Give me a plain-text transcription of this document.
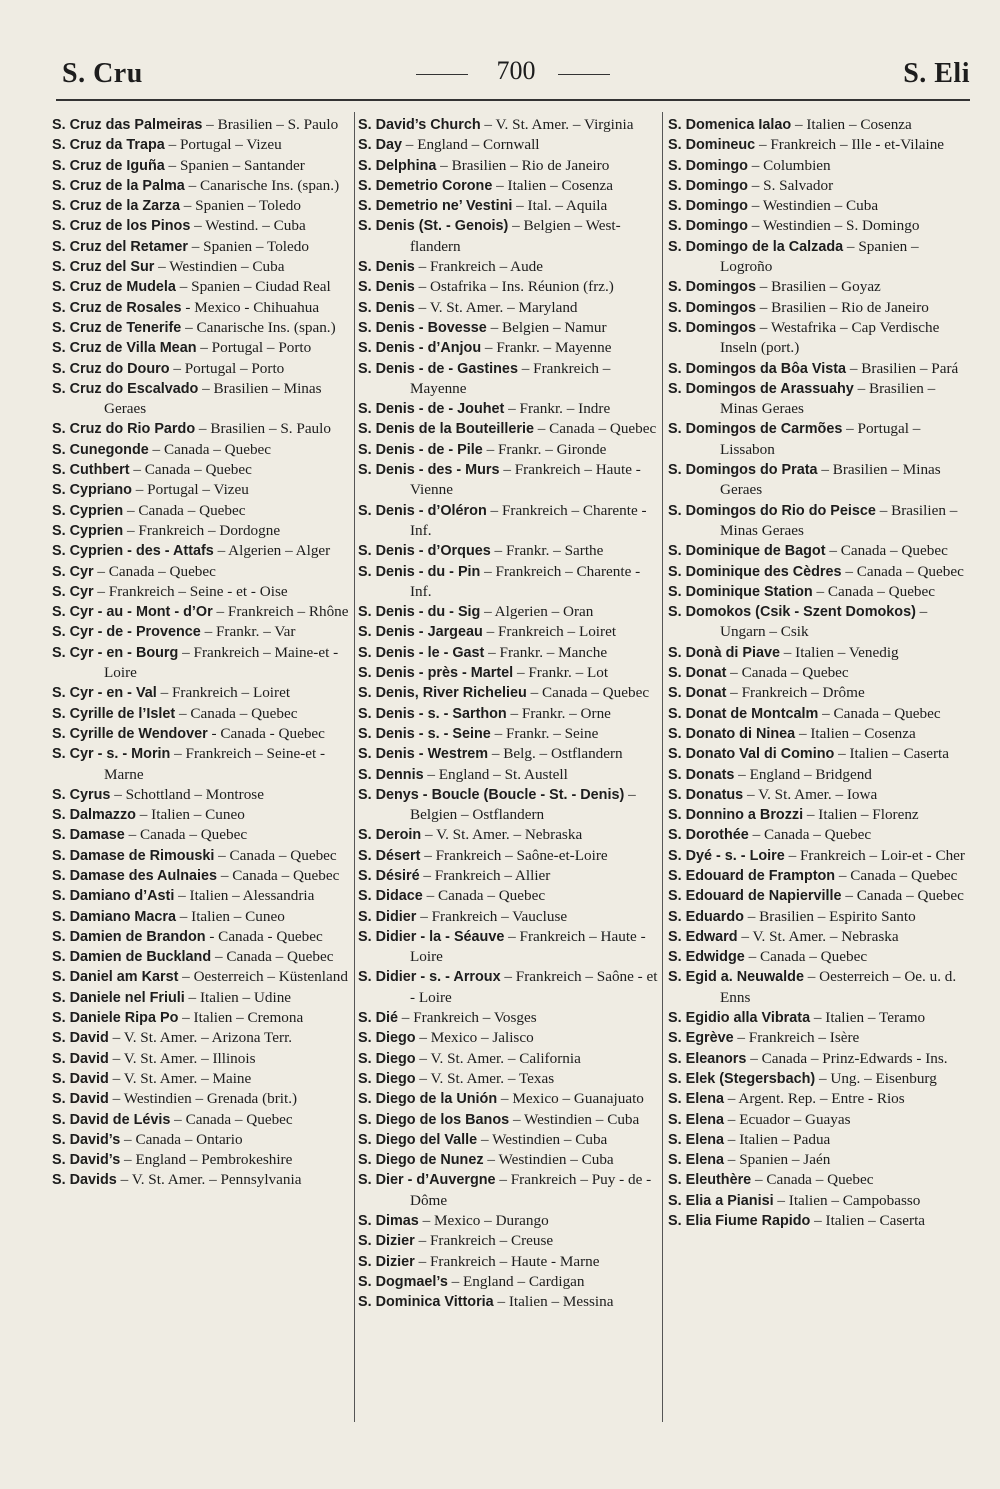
S. Cru	700	S. Eli
S. Cruz das Palmeiras – Brasilien – S. Paulo
S. Cruz da Trapa – Portugal – Vizeu
S. Cruz de Iguña – Spanien – Santander
S. Cruz de la Palma – Canarische Ins. (span.)
S. Cruz de la Zarza – Spanien – Toledo
S. Cruz de los Pinos – Westind. – Cuba
S. Cruz del Retamer – Spanien – Toledo
S. Cruz del Sur – Westindien – Cuba
S. Cruz de Mudela – Spanien – Ciudad Real
S. Cruz de Rosales - Mexico - Chihuahua
S. Cruz de Tenerife – Canarische Ins. (span.)
S. Cruz de Villa Mean – Portugal – Porto
S. Cruz do Douro – Portugal – Porto
S. Cruz do Escalvado – Brasilien – Minas Geraes
S. Cruz do Rio Pardo – Brasilien – S. Paulo
S. Cunegonde – Canada – Quebec
S. Cuthbert – Canada – Quebec
S. Cypriano – Portugal – Vizeu
S. Cyprien – Canada – Quebec
S. Cyprien – Frankreich – Dordogne
S. Cyprien - des - Attafs – Algerien – Alger
S. Cyr – Canada – Quebec
S. Cyr – Frankreich – Seine - et - Oise
S. Cyr - au - Mont - d’Or – Frankreich – Rhône
S. Cyr - de - Provence – Frankr. – Var
S. Cyr - en - Bourg – Frankreich – Maine-et - Loire
S. Cyr - en - Val – Frankreich – Loiret
S. Cyrille de l’Islet – Canada – Quebec
S. Cyrille de Wendover - Canada - Quebec
S. Cyr - s. - Morin – Frankreich – Seine-et - Marne
S. Cyrus – Schottland – Montrose
S. Dalmazzo – Italien – Cuneo
S. Damase – Canada – Quebec
S. Damase de Rimouski – Canada – Quebec
S. Damase des Aulnaies – Canada – Quebec
S. Damiano d’Asti – Italien – Alessandria
S. Damiano Macra – Italien – Cuneo
S. Damien de Brandon - Canada - Quebec
S. Damien de Buckland – Canada – Quebec
S. Daniel am Karst – Oesterreich – Küstenland
S. Daniele nel Friuli – Italien – Udine
S. Daniele Ripa Po – Italien – Cremona
S. David – V. St. Amer. – Arizona Terr.
S. David – V. St. Amer. – Illinois
S. David – V. St. Amer. – Maine
S. David – Westindien – Grenada (brit.)
S. David de Lévis – Canada – Quebec
S. David’s – Canada – Ontario
S. David’s – England – Pembrokeshire
S. Davids – V. St. Amer. – Pennsylvania
S. David’s Church – V. St. Amer. – Virginia
S. Day – England – Cornwall
S. Delphina – Brasilien – Rio de Janeiro
S. Demetrio Corone – Italien – Cosenza
S. Demetrio ne’ Vestini – Ital. – Aquila
S. Denis (St. - Genois) – Belgien – West-flandern
S. Denis – Frankreich – Aude
S. Denis – Ostafrika – Ins. Réunion (frz.)
S. Denis – V. St. Amer. – Maryland
S. Denis - Bovesse – Belgien – Namur
S. Denis - d’Anjou – Frankr. – Mayenne
S. Denis - de - Gastines – Frankreich – Mayenne
S. Denis - de - Jouhet – Frankr. – Indre
S. Denis de la Bouteillerie – Canada – Quebec
S. Denis - de - Pile – Frankr. – Gironde
S. Denis - des - Murs – Frankreich – Haute - Vienne
S. Denis - d’Oléron – Frankreich – Charente - Inf.
S. Denis - d’Orques – Frankr. – Sarthe
S. Denis - du - Pin – Frankreich – Charente - Inf.
S. Denis - du - Sig – Algerien – Oran
S. Denis - Jargeau – Frankreich – Loiret
S. Denis - le - Gast – Frankr. – Manche
S. Denis - près - Martel – Frankr. – Lot
S. Denis, River Richelieu – Canada – Quebec
S. Denis - s. - Sarthon – Frankr. – Orne
S. Denis - s. - Seine – Frankr. – Seine
S. Denis - Westrem – Belg. – Ostflandern
S. Dennis – England – St. Austell
S. Denys - Boucle (Boucle - St. - Denis) – Belgien – Ostflandern
S. Deroin – V. St. Amer. – Nebraska
S. Désert – Frankreich – Saône-et-Loire
S. Désiré – Frankreich – Allier
S. Didace – Canada – Quebec
S. Didier – Frankreich – Vaucluse
S. Didier - la - Séauve – Frankreich – Haute - Loire
S. Didier - s. - Arroux – Frankreich – Saône - et - Loire
S. Dié – Frankreich – Vosges
S. Diego – Mexico – Jalisco
S. Diego – V. St. Amer. – California
S. Diego – V. St. Amer. – Texas
S. Diego de la Unión – Mexico – Guanajuato
S. Diego de los Banos – Westindien – Cuba
S. Diego del Valle – Westindien – Cuba
S. Diego de Nunez – Westindien – Cuba
S. Dier - d’Auvergne – Frankreich – Puy - de - Dôme
S. Dimas – Mexico – Durango
S. Dizier – Frankreich – Creuse
S. Dizier – Frankreich – Haute - Marne
S. Dogmael’s – England – Cardigan
S. Dominica Vittoria – Italien – Messina
S. Domenica Ialao – Italien – Cosenza
S. Domineuc – Frankreich – Ille - et-Vilaine
S. Domingo – Columbien
S. Domingo – S. Salvador
S. Domingo – Westindien – Cuba
S. Domingo – Westindien – S. Domingo
S. Domingo de la Calzada – Spanien – Logroño
S. Domingos – Brasilien – Goyaz
S. Domingos – Brasilien – Rio de Janeiro
S. Domingos – Westafrika – Cap Verdische Inseln (port.)
S. Domingos da Bôa Vista – Brasilien – Pará
S. Domingos de Arassuahy – Brasilien – Minas Geraes
S. Domingos de Carmões – Portugal – Lissabon
S. Domingos do Prata – Brasilien – Minas Geraes
S. Domingos do Rio do Peisce – Brasilien – Minas Geraes
S. Dominique de Bagot – Canada – Quebec
S. Dominique des Cèdres – Canada – Quebec
S. Dominique Station – Canada – Quebec
S. Domokos (Csik - Szent Domokos) – Ungarn – Csik
S. Donà di Piave – Italien – Venedig
S. Donat – Canada – Quebec
S. Donat – Frankreich – Drôme
S. Donat de Montcalm – Canada – Quebec
S. Donato di Ninea – Italien – Cosenza
S. Donato Val di Comino – Italien – Caserta
S. Donats – England – Bridgend
S. Donatus – V. St. Amer. – Iowa
S. Donnino a Brozzi – Italien – Florenz
S. Dorothée – Canada – Quebec
S. Dyé - s. - Loire – Frankreich – Loir-et - Cher
S. Edouard de Frampton – Canada – Quebec
S. Edouard de Napierville – Canada – Quebec
S. Eduardo – Brasilien – Espirito Santo
S. Edward – V. St. Amer. – Nebraska
S. Edwidge – Canada – Quebec
S. Egid a. Neuwalde – Oesterreich – Oe. u. d. Enns
S. Egidio alla Vibrata – Italien – Teramo
S. Egrève – Frankreich – Isère
S. Eleanors – Canada – Prinz-Edwards - Ins.
S. Elek (Stegersbach) – Ung. – Eisenburg
S. Elena – Argent. Rep. – Entre - Rios
S. Elena – Ecuador – Guayas
S. Elena – Italien – Padua
S. Elena – Spanien – Jaén
S. Eleuthère – Canada – Quebec
S. Elia a Pianisi – Italien – Campobasso
S. Elia Fiume Rapido – Italien – Caserta
